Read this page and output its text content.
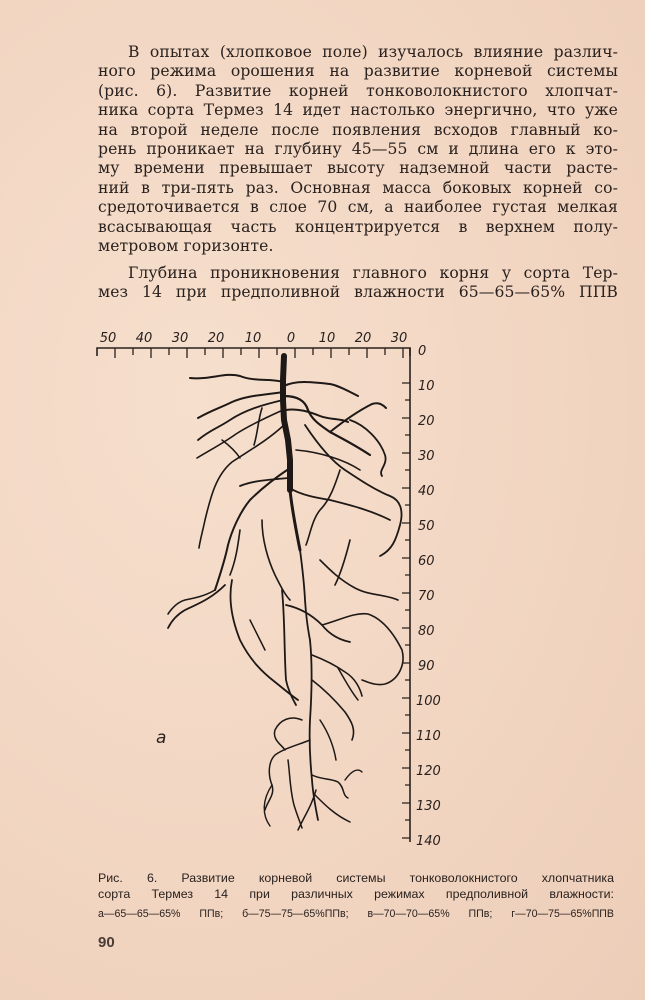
В опытах (хлопковое поле) изучалось влияние различ-
ного режима орошения на развитие корневой системы
(рис. 6). Развитие корней тонковолокнистого хлопчат-
ника сорта Термез 14 идет настолько энергично, что уже
на второй неделе после появления всходов главный ко-
рень проникает на глубину 45—55 см и длина его к это-
му времени превышает высоту надземной части расте-
ний в три-пять раз. Основная масса боковых корней со-
средоточивается в слое 70 см, а наиболее густая мелкая
всасывающая часть концентрируется в верхнем полу-
метровом горизонте.
Глубина проникновения главного корня у сорта Тер-
мез 14 при предполивной влажности 65—65—65% ППВ
50 40 30 20 10 0 10 20 30
0
10
20
30
40
50
60
70
80
90
100
110
120
130
140
а
Рис. 6. Развитие корневой системы тонковолокнистого хлопчатника
сорта Термез 14 при различных режимах предполивной влажности:
а—65—65—65% ППв; б—75—75—65%ППв; в—70—70—65% ППв; г—70—75—65%ППВ
90
